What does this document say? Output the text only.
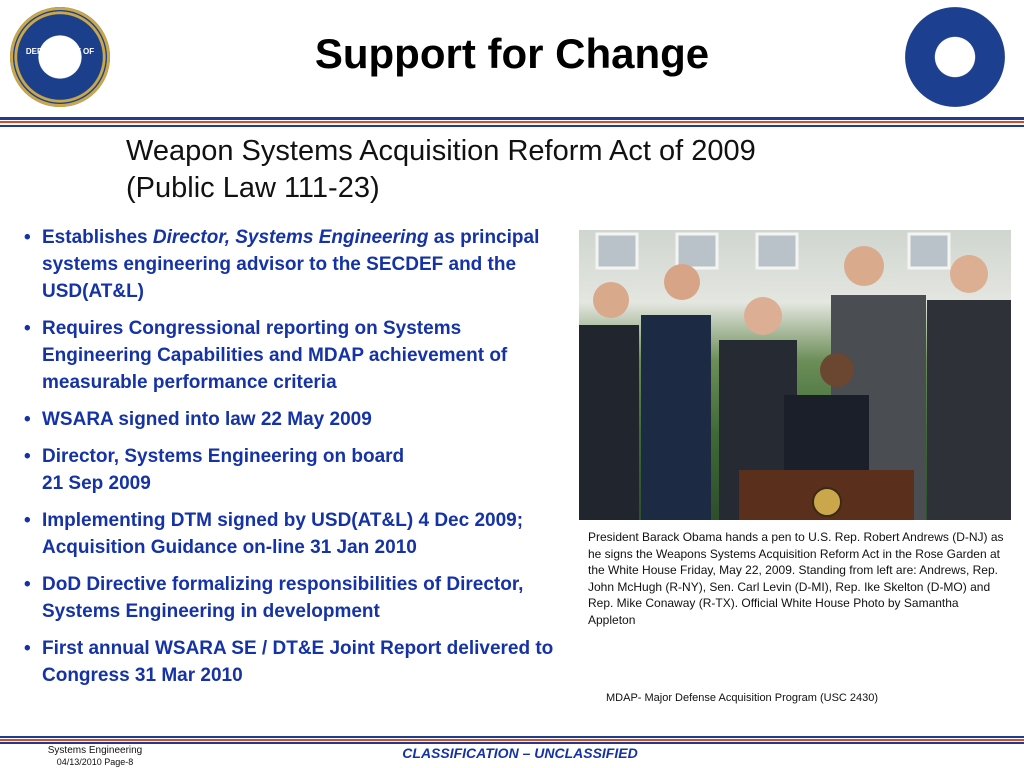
DEPARTMENT OF DEFENSE
DDR&E
Support for Change
Weapon Systems Acquisition Reform Act of 2009
(Public Law 111-23)
• Establishes Director, Systems Engineering as principal systems engineering advisor to the SECDEF and the USD(AT&L)
• Requires Congressional reporting on Systems Engineering Capabilities and MDAP achievement of measurable performance criteria
• WSARA signed into law 22 May 2009
• Director, Systems Engineering on board
21 Sep 2009
• Implementing DTM signed by USD(AT&L) 4 Dec 2009; Acquisition Guidance on-line 31 Jan 2010
• DoD Directive formalizing responsibilities of Director, Systems Engineering in development
• First annual WSARA SE / DT&E Joint Report delivered to Congress 31 Mar 2010
President Barack Obama hands a pen to U.S. Rep. Robert Andrews (D-NJ) as he signs the Weapons Systems Acquisition Reform Act in the Rose Garden at the White House Friday, May 22, 2009. Standing from left are: Andrews, Rep. John McHugh (R-NY), Sen. Carl Levin (D-MI), Rep. Ike Skelton (D-MO) and Rep. Mike Conaway (R-TX). Official White House Photo by Samantha Appleton
MDAP- Major Defense Acquisition Program (USC 2430)
Systems Engineering
04/13/2010 Page-8
CLASSIFICATION – UNCLASSIFIED
